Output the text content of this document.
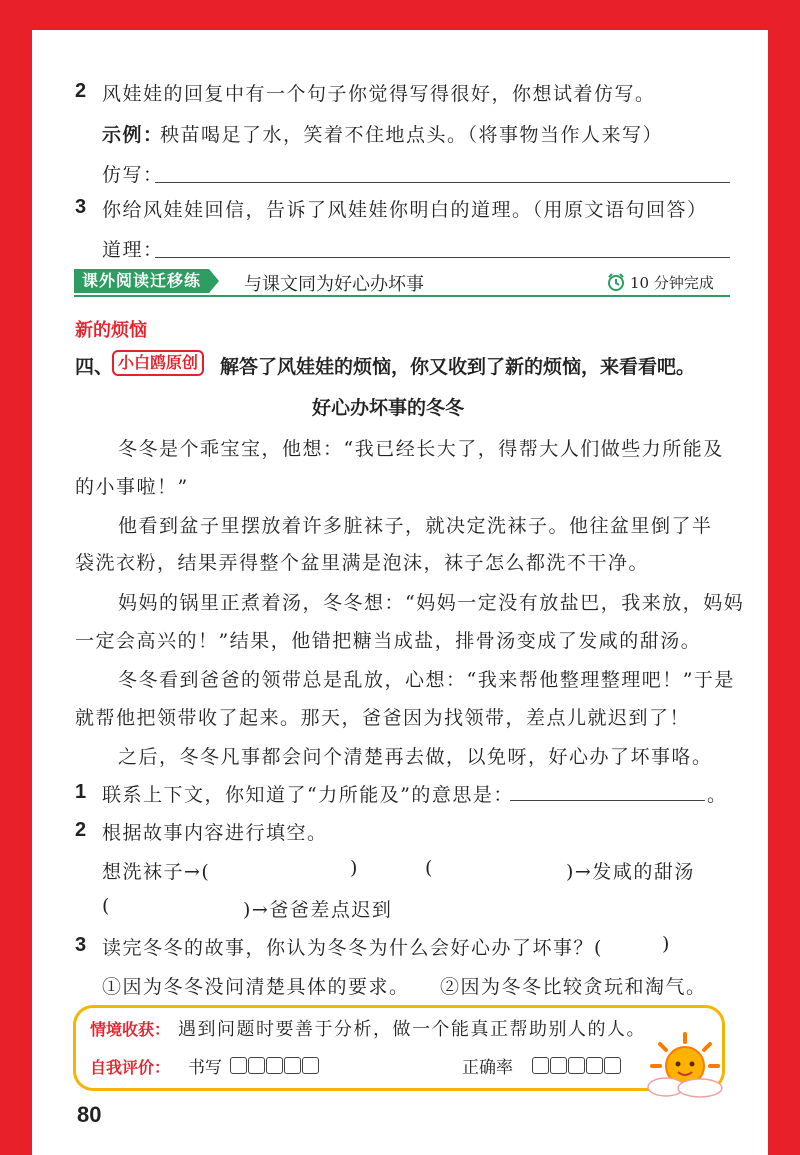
2 风娃娃的回复中有一个句子你觉得写得很好，你想试着仿写。
示例：
秧苗喝足了水，笑着不住地点头。（将事物当作人来写）
仿写：
3 你给风娃娃回信，告诉了风娃娃你明白的道理。（用原文语句回答）
道理：
课外阅读迁移练	与课文同为好心办坏事	10 分钟完成
新的烦恼
四、 小白鸥原创	解答了风娃娃的烦恼，你又收到了新的烦恼，来看看吧。
好心办坏事的冬冬
冬冬是个乖宝宝，他想：“我已经长大了，得帮大人们做些力所能及
的小事啦！”
他看到盆子里摆放着许多脏袜子，就决定洗袜子。他往盆里倒了半
袋洗衣粉，结果弄得整个盆里满是泡沫，袜子怎么都洗不干净。
妈妈的锅里正煮着汤，冬冬想：“妈妈一定没有放盐巴，我来放，妈妈
一定会高兴的！”结果，他错把糖当成盐，排骨汤变成了发咸的甜汤。
冬冬看到爸爸的领带总是乱放，心想：“我来帮他整理整理吧！”于是
就帮他把领带收了起来。那天，爸爸因为找领带，差点儿就迟到了！
之后，冬冬凡事都会问个清楚再去做，以免呀，好心办了坏事咯。
1 联系上下文，你知道了“力所能及”的意思是：	。
2 根据故事内容进行填空。
想洗袜子→(	)	(	)→发咸的甜汤
(	)→爸爸差点迟到
3 读完冬冬的故事，你认为冬冬为什么会好心办了坏事？(	)
①因为冬冬没问清楚具体的要求。 ②因为冬冬比较贪玩和淘气。
情境收获： 遇到问题时要善于分析，做一个能真正帮助别人的人。
自我评价： 书写	正确率
80
